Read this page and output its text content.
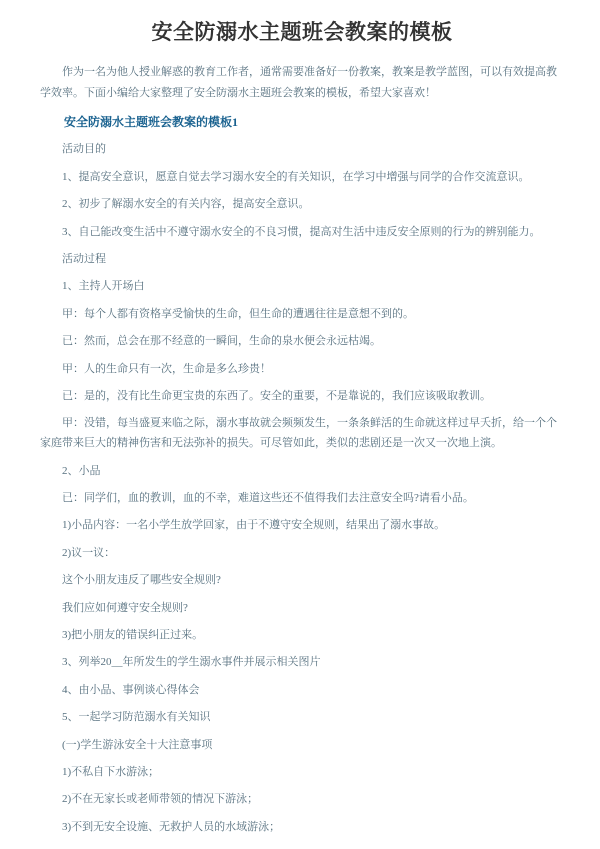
安全防溺水主题班会教案的模板

作为一名为他人授业解惑的教育工作者，通常需要准备好一份教案，教案是教学蓝图，可以有效提高教学效率。下面小编给大家整理了安全防溺水主题班会教案的模板，希望大家喜欢！

安全防溺水主题班会教案的模板1

活动目的

1、提高安全意识，愿意自觉去学习溺水安全的有关知识，在学习中增强与同学的合作交流意识。

2、初步了解溺水安全的有关内容，提高安全意识。

3、自己能改变生活中不遵守溺水安全的不良习惯，提高对生活中违反安全原则的行为的辨别能力。

活动过程

1、主持人开场白

甲：每个人都有资格享受愉快的生命，但生命的遭遇往往是意想不到的。

已：然而，总会在那不经意的一瞬间，生命的泉水便会永远枯竭。

甲：人的生命只有一次，生命是多么珍贵！

已：是的，没有比生命更宝贵的东西了。安全的重要，不是靠说的，我们应该吸取教训。

甲：没错，每当盛夏来临之际，溺水事故就会频频发生，一条条鲜活的生命就这样过早夭折，给一个个家庭带来巨大的精神伤害和无法弥补的损失。可尽管如此，类似的悲剧还是一次又一次地上演。

2、小品

已：同学们，血的教训，血的不幸，难道这些还不值得我们去注意安全吗?请看小品。

1)小品内容：一名小学生放学回家，由于不遵守安全规则，结果出了溺水事故。

2)议一议：

这个小朋友违反了哪些安全规则?

我们应如何遵守安全规则?

3)把小朋友的错误纠正过来。

3、列举20__年所发生的学生溺水事件并展示相关图片

4、由小品、事例谈心得体会

5、一起学习防范溺水有关知识

(一)学生游泳安全十大注意事项

1)不私自下水游泳；

2)不在无家长或老师带领的情况下游泳；

3)不到无安全设施、无救护人员的水域游泳；
